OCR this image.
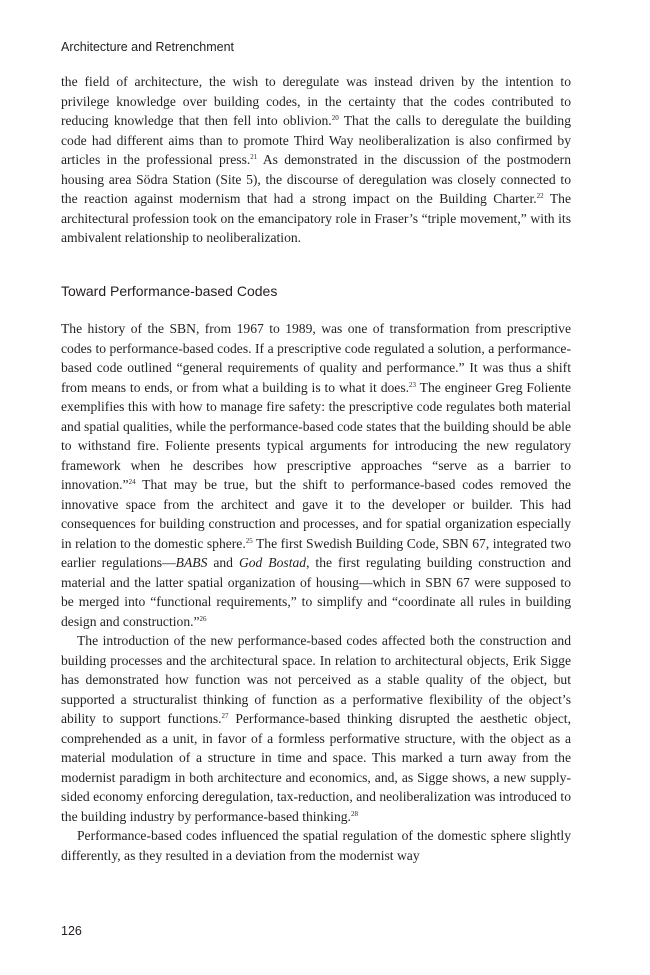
Architecture and Retrenchment

the field of architecture, the wish to deregulate was instead driven by the intention to privilege knowledge over building codes, in the certainty that the codes contributed to reducing knowledge that then fell into oblivion.$^{20}$ That the calls to deregulate the building code had different aims than to promote Third Way neoliberalization is also confirmed by articles in the professional press.$^{21}$ As demonstrated in the discussion of the postmodern housing area Södra Station (Site 5), the discourse of deregulation was closely connected to the reaction against modernism that had a strong impact on the Building Charter.$^{22}$ The architectural profession took on the emancipatory role in Fraser’s “triple movement,” with its ambivalent relationship to neoliberalization.

Toward Performance-based Codes

The history of the SBN, from 1967 to 1989, was one of transformation from prescriptive codes to performance-based codes. If a prescriptive code regulated a solution, a performance-based code outlined “general requirements of quality and performance.” It was thus a shift from means to ends, or from what a building is to what it does.$^{23}$ The engineer Greg Foliente exemplifies this with how to manage fire safety: the prescriptive code regulates both material and spatial qualities, while the performance-based code states that the building should be able to withstand fire. Foliente presents typical arguments for introducing the new regulatory framework when he describes how prescriptive approaches “serve as a barrier to innovation.”$^{24}$ That may be true, but the shift to performance-based codes removed the innovative space from the architect and gave it to the developer or builder. This had consequences for building construction and processes, and for spatial organization especially in relation to the domestic sphere.$^{25}$ The first Swedish Building Code, SBN 67, integrated two earlier regulations—BABS and God Bostad, the first regulating building construction and material and the latter spatial organization of housing—which in SBN 67 were supposed to be merged into “functional requirements,” to simplify and “coordinate all rules in building design and construction.”$^{26}$

The introduction of the new performance-based codes affected both the construction and building processes and the architectural space. In relation to architectural objects, Erik Sigge has demonstrated how function was not perceived as a stable quality of the object, but supported a structuralist thinking of function as a performative flexibility of the object’s ability to support functions.$^{27}$ Performance-based thinking disrupted the aesthetic object, comprehended as a unit, in favor of a formless performative structure, with the object as a material modulation of a structure in time and space. This marked a turn away from the modernist paradigm in both architecture and economics, and, as Sigge shows, a new supply-sided economy enforcing deregulation, tax-reduction, and neoliberalization was introduced to the building industry by performance-based thinking.$^{28}$

Performance-based codes influenced the spatial regulation of the domestic sphere slightly differently, as they resulted in a deviation from the modernist way

126
